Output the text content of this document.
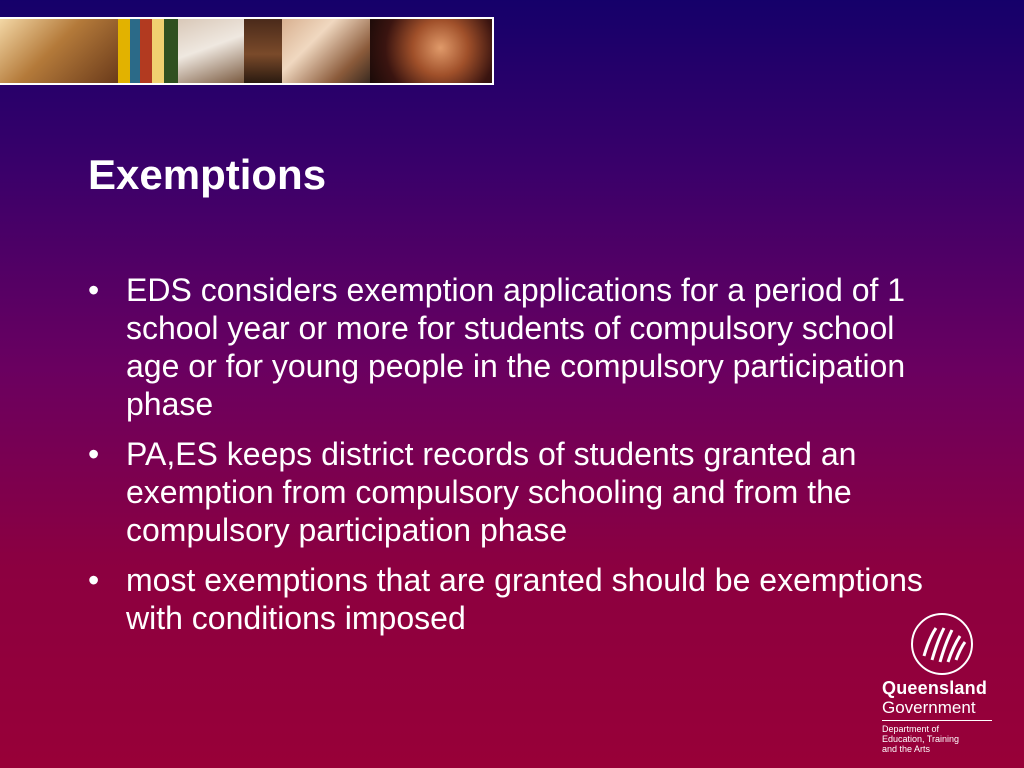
Exemptions
• EDS considers exemption applications for a period of 1 school year or more for students of compulsory school age or for young people in the compulsory participation phase
• PA,ES keeps district records of students granted an exemption from compulsory schooling and from the compulsory participation phase
• most exemptions that are granted should be exemptions with conditions imposed
Queensland
Government
Department of
Education, Training
and the Arts
